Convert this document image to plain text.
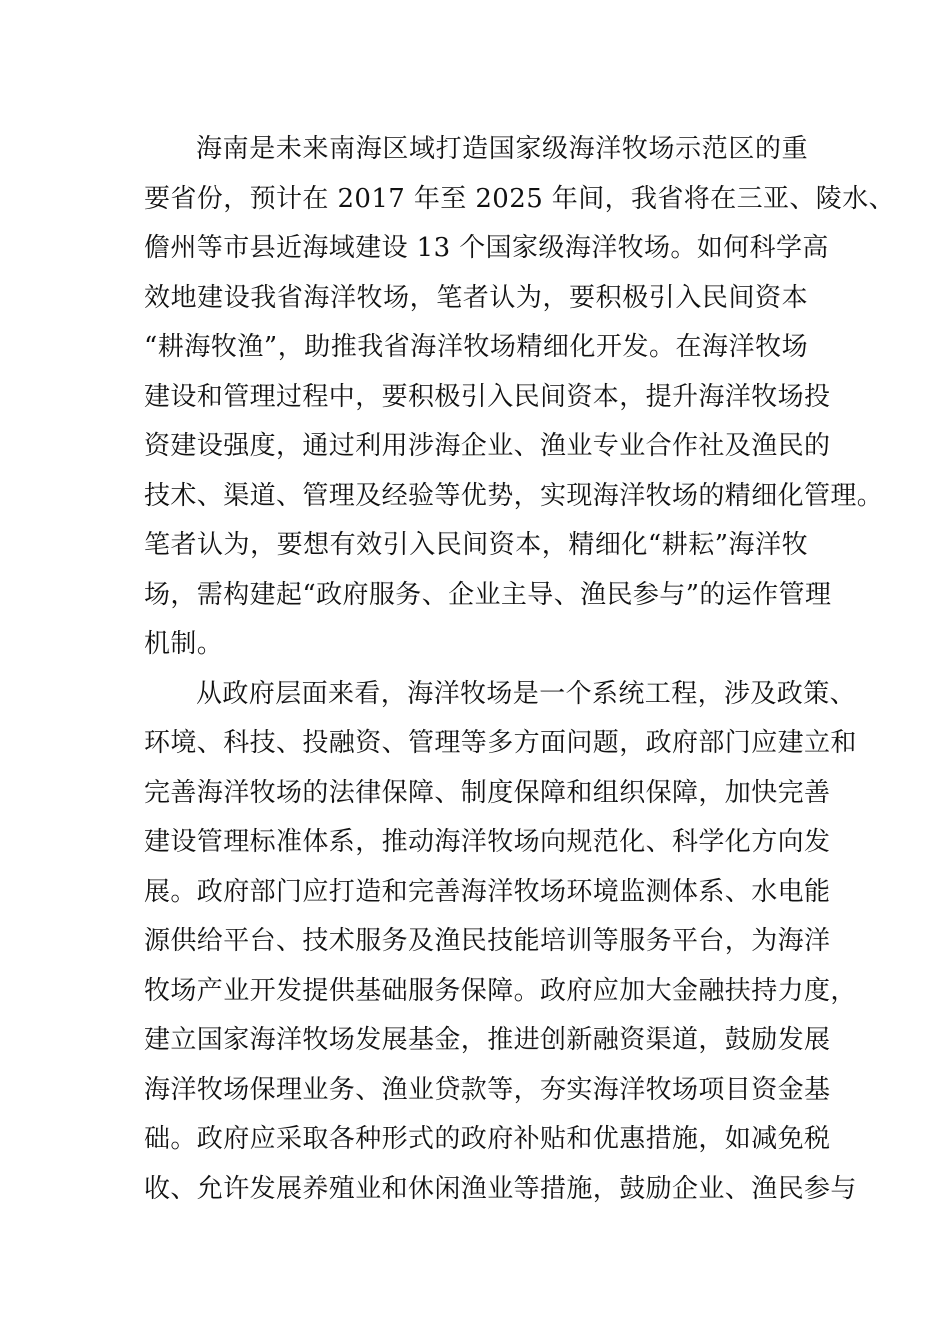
海南是未来南海区域打造国家级海洋牧场示范区的重
要省份，预计在 2017 年至 2025 年间，我省将在三亚、陵水、
儋州等市县近海域建设 13 个国家级海洋牧场。如何科学高
效地建设我省海洋牧场，笔者认为，要积极引入民间资本
“耕海牧渔”，助推我省海洋牧场精细化开发。在海洋牧场
建设和管理过程中，要积极引入民间资本，提升海洋牧场投
资建设强度，通过利用涉海企业、渔业专业合作社及渔民的
技术、渠道、管理及经验等优势，实现海洋牧场的精细化管理。
笔者认为，要想有效引入民间资本，精细化“耕耘”海洋牧
场，需构建起“政府服务、企业主导、渔民参与”的运作管理
机制。
从政府层面来看，海洋牧场是一个系统工程，涉及政策、
环境、科技、投融资、管理等多方面问题，政府部门应建立和
完善海洋牧场的法律保障、制度保障和组织保障，加快完善
建设管理标准体系，推动海洋牧场向规范化、科学化方向发
展。政府部门应打造和完善海洋牧场环境监测体系、水电能
源供给平台、技术服务及渔民技能培训等服务平台，为海洋
牧场产业开发提供基础服务保障。政府应加大金融扶持力度，
建立国家海洋牧场发展基金，推进创新融资渠道，鼓励发展
海洋牧场保理业务、渔业贷款等，夯实海洋牧场项目资金基
础。政府应采取各种形式的政府补贴和优惠措施，如减免税
收、允许发展养殖业和休闲渔业等措施，鼓励企业、渔民参与
